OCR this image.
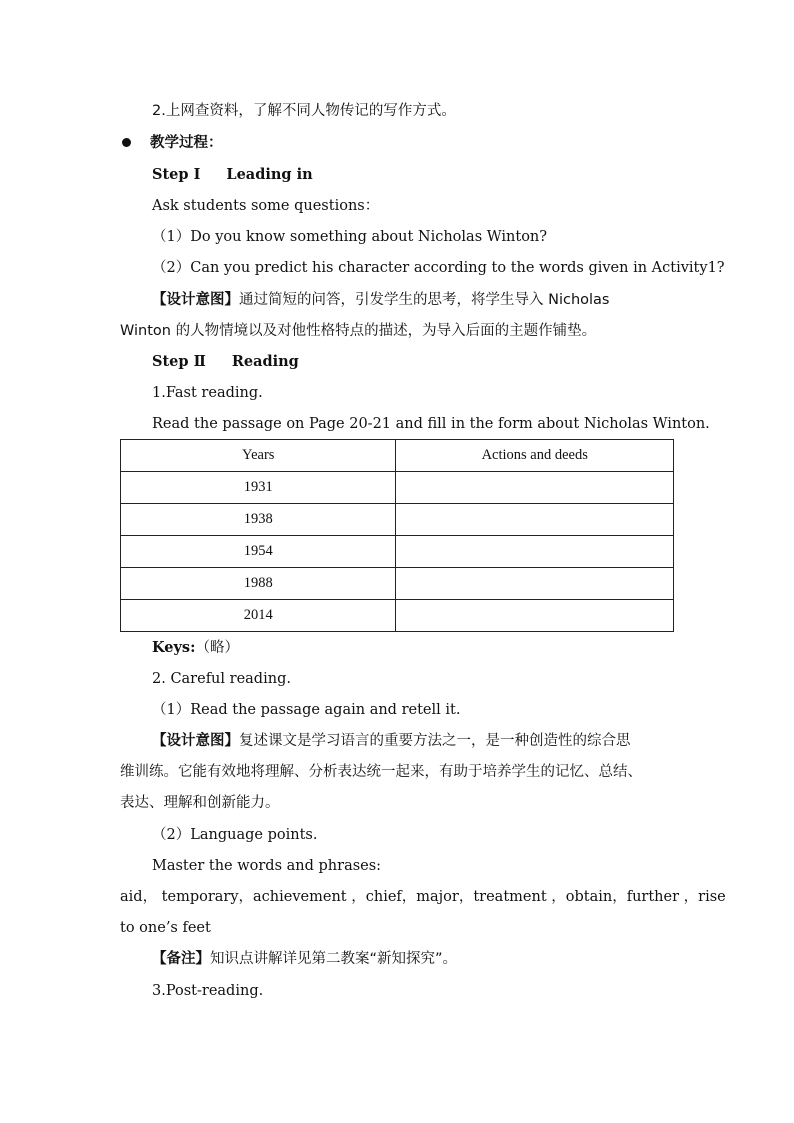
2.上网查资料，了解不同人物传记的写作方式。
教学过程：
Step Ⅰ Leading in
Ask students some questions：
（1）Do you know something about Nicholas Winton?
（2）Can you predict his character according to the words given in Activity1?
【设计意图】通过简短的问答，引发学生的思考，将学生导入 Nicholas
Winton 的人物情境以及对他性格特点的描述，为导入后面的主题作铺垫。
Step Ⅱ Reading
1.Fast reading.
Read the passage on Page 20-21 and fill in the form about Nicholas Winton.
Years	Actions and deeds
1931	
1938	
1954	
1988	
2014	
Keys:（略）
2. Careful reading.
（1）Read the passage again and retell it.
【设计意图】复述课文是学习语言的重要方法之一，是一种创造性的综合思
维训练。它能有效地将理解、分析表达统一起来，有助于培养学生的记忆、总结、
表达、理解和创新能力。
（2）Language points.
Master the words and phrases:
aid， temporary，achievement ，chief，major，treatment ，obtain，further ，rise
to one’s feet
【备注】知识点讲解详见第二教案“新知探究”。
3.Post-reading.
